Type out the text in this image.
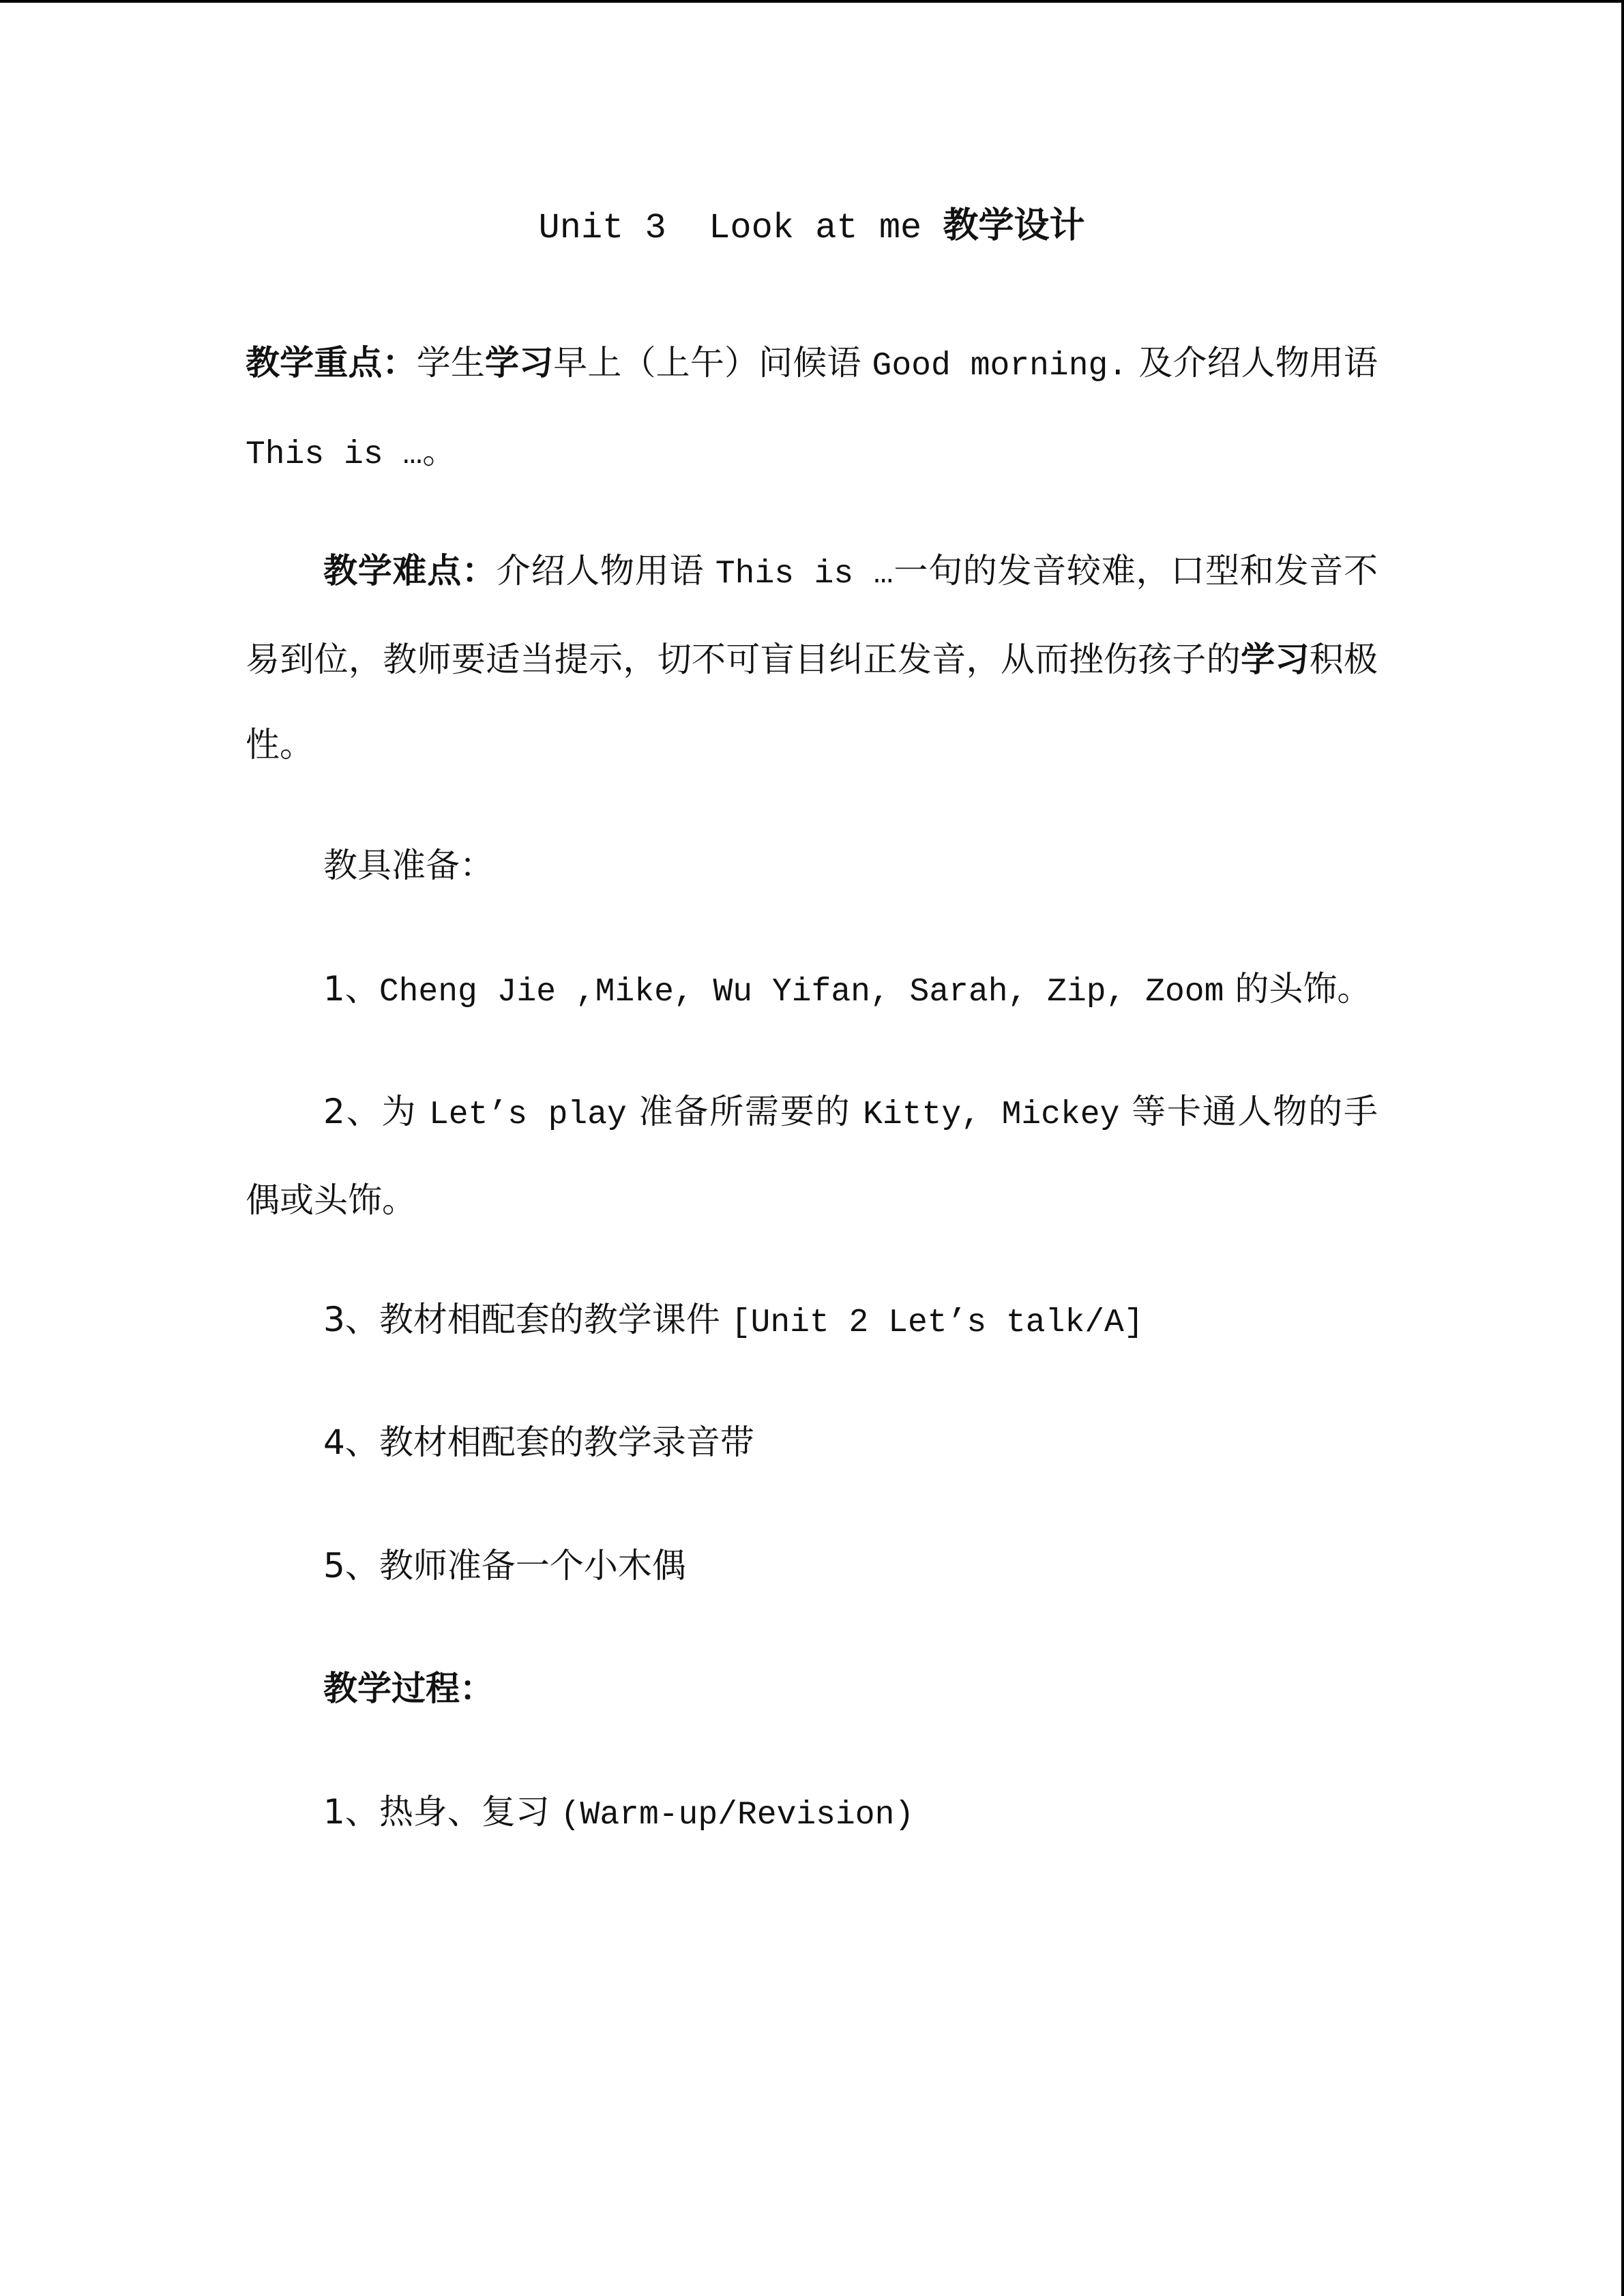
Unit 3  Look at me 教学设计
教学重点：学生学习早上（上午）问候语 Good morning. 及介绍人物用语 This is …。
教学难点：介绍人物用语 This is …一句的发音较难，口型和发音不易到位，教师要适当提示，切不可盲目纠正发音，从而挫伤孩子的学习积极性。
教具准备：
1、Cheng Jie ,Mike, Wu Yifan, Sarah, Zip, Zoom 的头饰。
2、为 Let’s play 准备所需要的 Kitty, Mickey 等卡通人物的手偶或头饰。
3、教材相配套的教学课件 [Unit 2 Let’s talk/A]
4、教材相配套的教学录音带
5、教师准备一个小木偶
教学过程：
1、热身、复习 (Warm-up/Revision)
